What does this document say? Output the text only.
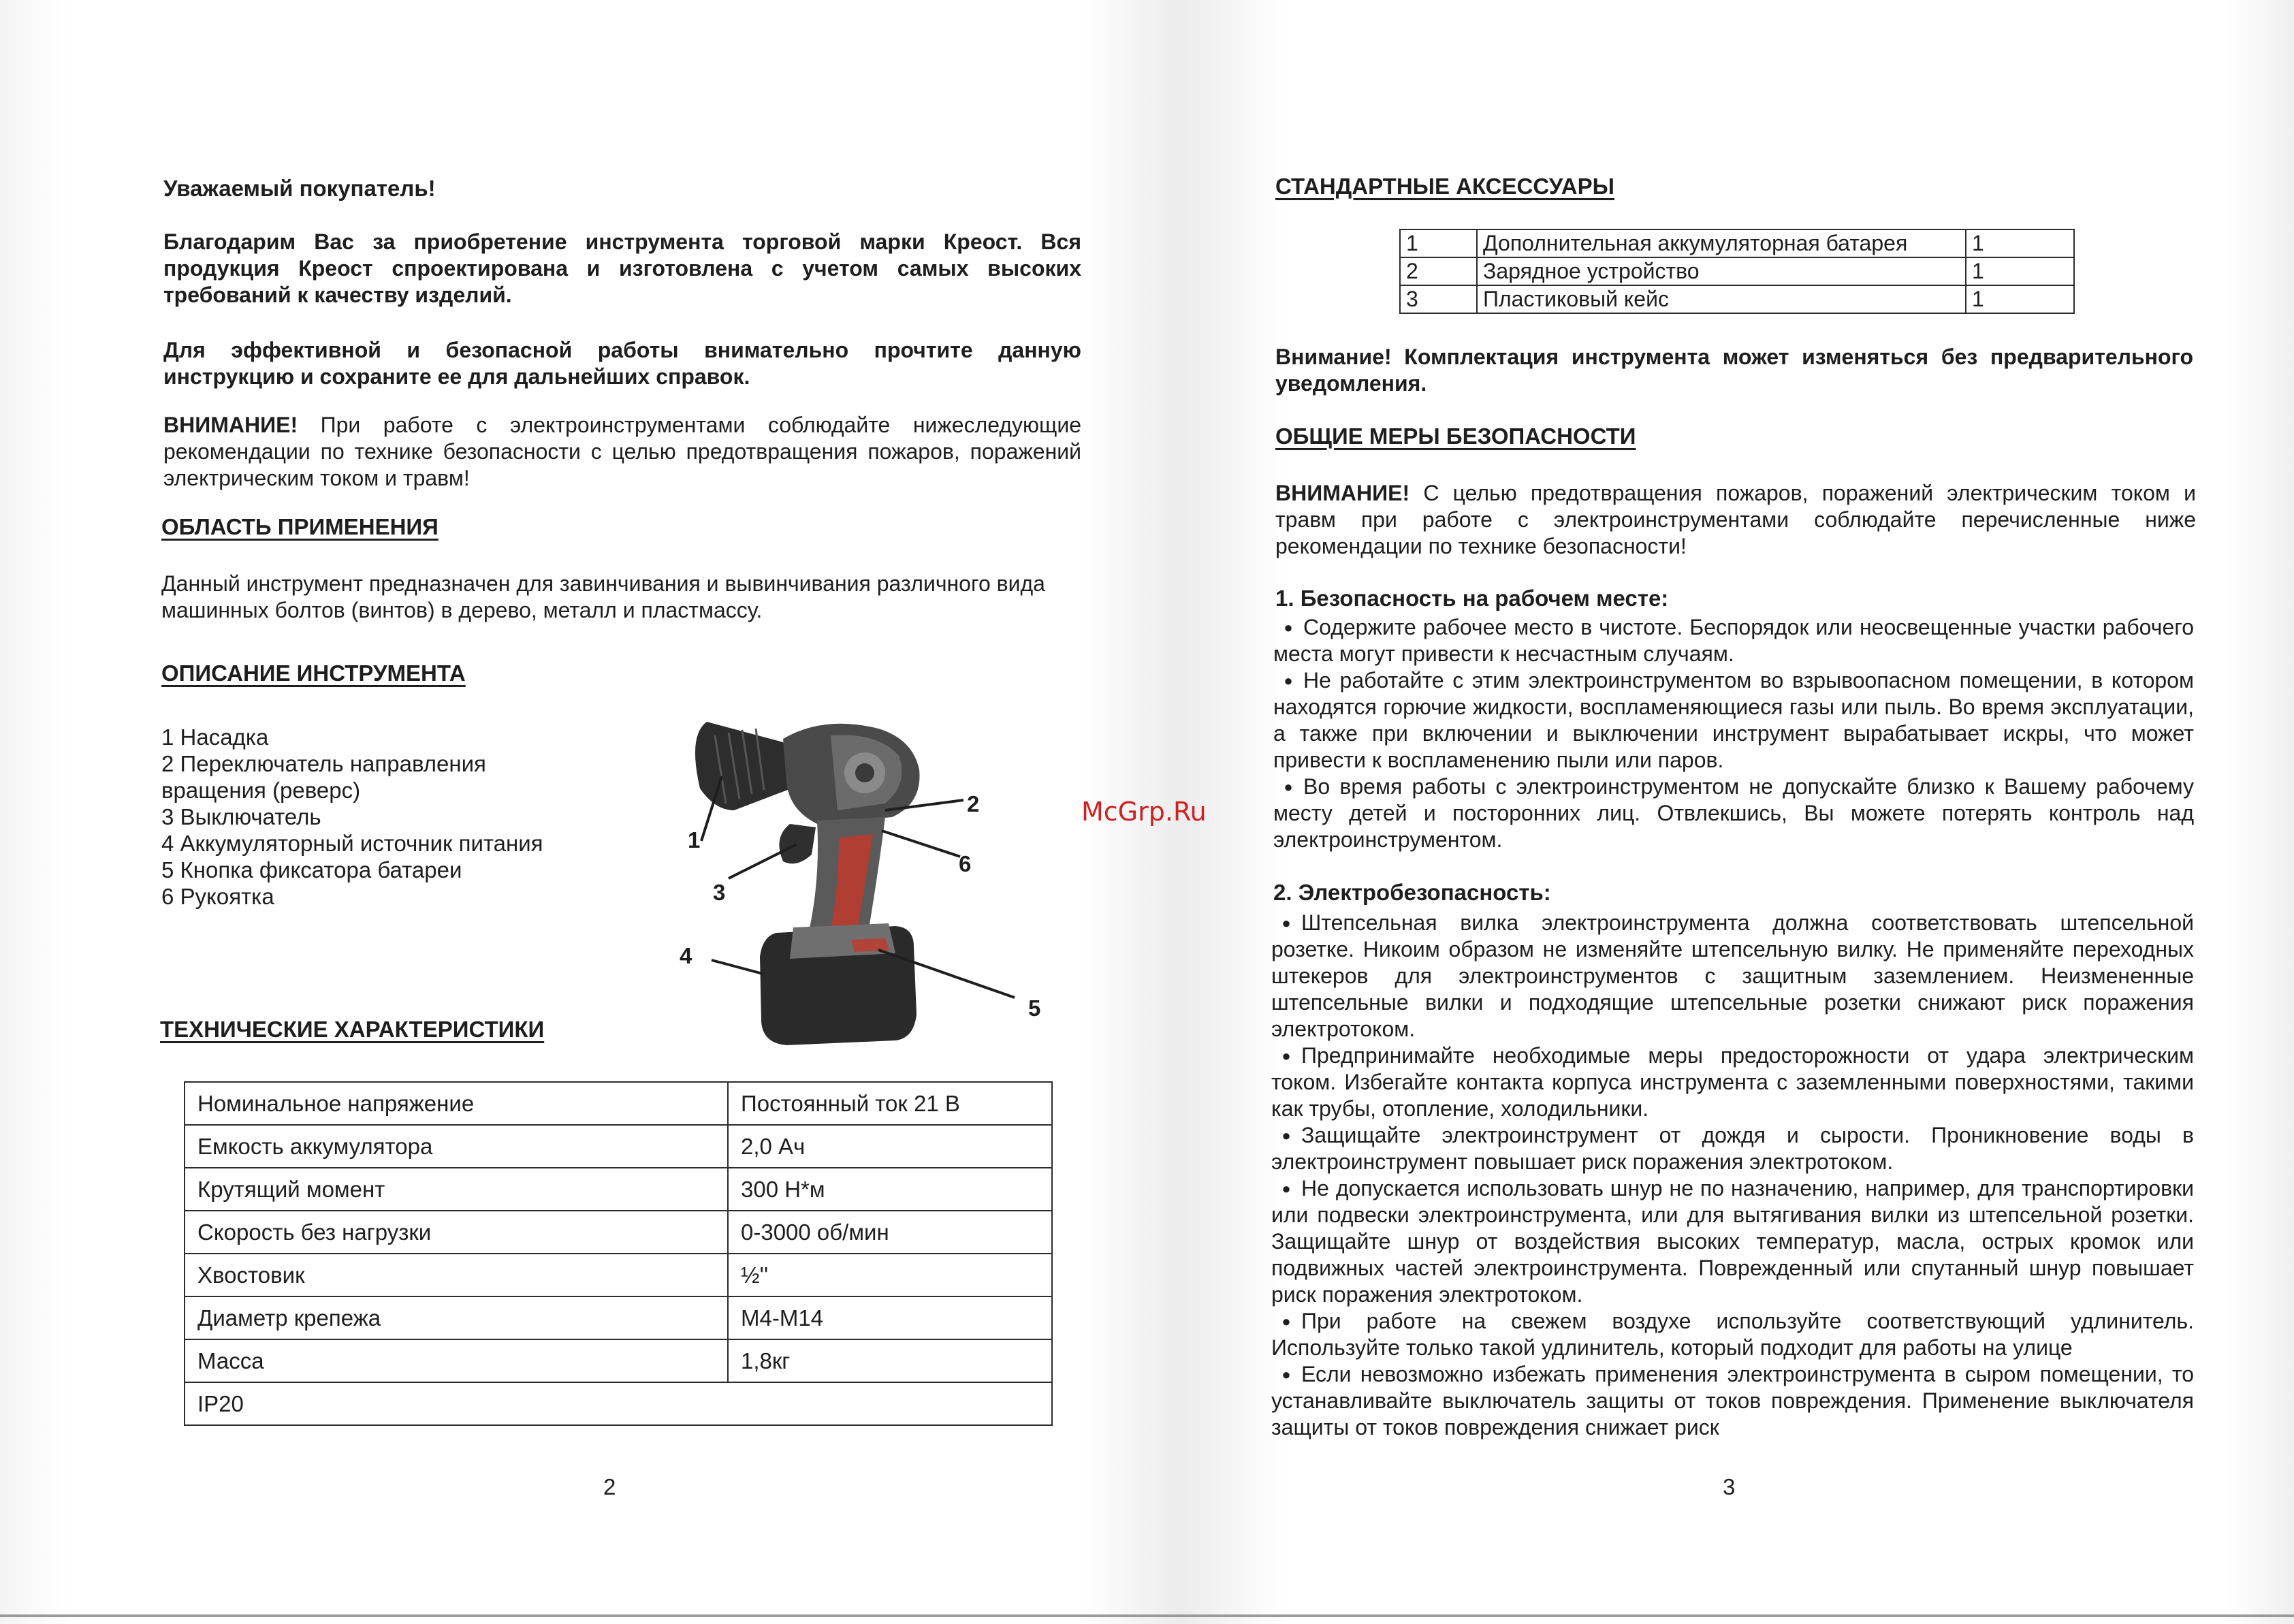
Уважаемый покупатель!

Благодарим Вас за приобретение инструмента торговой марки Креост. Вся продукция Креост спроектирована и изготовлена с учетом самых высоких требований к качеству изделий.

Для эффективной и безопасной работы внимательно прочтите данную инструкцию и сохраните ее для дальнейших справок.

ВНИМАНИЕ! При работе с электроинструментами соблюдайте нижеследующие рекомендации по технике безопасности с целью предотвращения пожаров, поражений электрическим током и травм!

ОБЛАСТЬ ПРИМЕНЕНИЯ

Данный инструмент предназначен для завинчивания и вывинчивания различного вида машинных болтов (винтов) в дерево, металл и пластмассу.

ОПИСАНИЕ ИНСТРУМЕНТА

1 Насадка

2 Переключатель направления

вращения (реверс)

3 Выключатель

4 Аккумуляторный источник питания

5 Кнопка фиксатора батареи

6 Рукоятка

1
2
3
4
5
6

ТЕХНИЧЕСКИЕ ХАРАКТЕРИСТИКИ

Номинальное напряжение	Постоянный ток 21 В
Емкость аккумулятора	2,0 Ач
Крутящий момент	300 Н*м
Скорость без нагрузки	0-3000 об/мин
Хвостовик	½''
Диаметр крепежа	М4-М14
Масса	1,8кг
IP20	

2

McGrp.Ru

СТАНДАРТНЫЕ АКСЕССУАРЫ

1	Дополнительная аккумуляторная батарея	1
2	Зарядное устройство	1
3	Пластиковый кейс	1

Внимание! Комплектация инструмента может изменяться без предварительного уведомления.

ОБЩИЕ МЕРЫ БЕЗОПАСНОСТИ

ВНИМАНИЕ! С целью предотвращения пожаров, поражений электрическим током и травм при работе с электроинструментами соблюдайте перечисленные ниже рекомендации по технике безопасности!

1. Безопасность на рабочем месте:

● Содержите рабочее место в чистоте. Беспорядок или неосвещенные участки рабочего места могут привести к несчастным случаям.

● Не работайте с этим электроинструментом во взрывоопасном помещении, в котором находятся горючие жидкости, воспламеняющиеся газы или пыль. Во время эксплуатации, а также при включении и выключении инструмент вырабатывает искры, что может привести к воспламенению пыли или паров.

● Во время работы с электроинструментом не допускайте близко к Вашему рабочему месту детей и посторонних лиц. Отвлекшись, Вы можете потерять контроль над электроинструментом.

2. Электробезопасность:

● Штепсельная вилка электроинструмента должна соответствовать штепсельной розетке. Никоим образом не изменяйте штепсельную вилку. Не применяйте переходных штекеров для электроинструментов с защитным заземлением. Неизмененные штепсельные вилки и подходящие штепсельные розетки снижают риск поражения электротоком.

● Предпринимайте необходимые меры предосторожности от удара электрическим током. Избегайте контакта корпуса инструмента с заземленными поверхностями, такими как трубы, отопление, холодильники.

● Защищайте электроинструмент от дождя и сырости. Проникновение воды в электроинструмент повышает риск поражения электротоком.

● Не допускается использовать шнур не по назначению, например, для транспортировки или подвески электроинструмента, или для вытягивания вилки из штепсельной розетки. Защищайте шнур от воздействия высоких температур, масла, острых кромок или подвижных частей электроинструмента. Поврежденный или спутанный шнур повышает риск поражения электротоком.

● При работе на свежем воздухе используйте соответствующий удлинитель. Используйте только такой удлинитель, который подходит для работы на улице

● Если невозможно избежать применения электроинструмента в сыром помещении, то устанавливайте выключатель защиты от токов повреждения. Применение выключателя защиты от токов повреждения снижает риск

3
